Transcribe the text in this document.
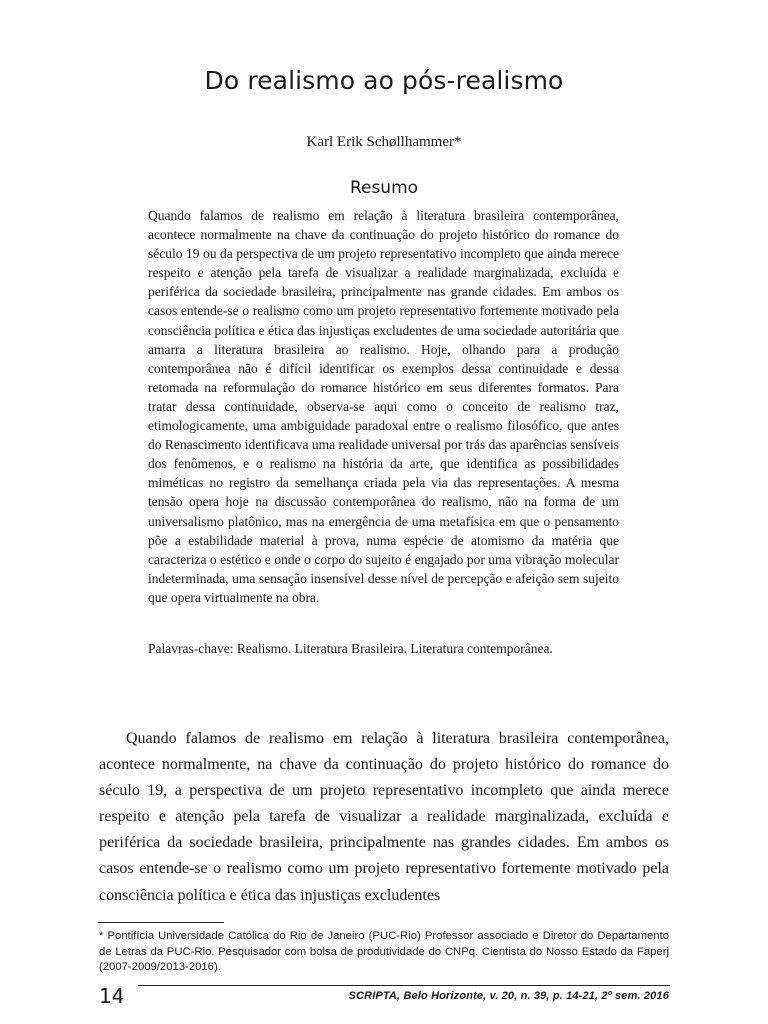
Do realismo ao pós-realismo
Karl Erik Schøllhammer*
Resumo

Quando falamos de realismo em relação à literatura brasileira contemporânea, acontece normalmente na chave da continuação do projeto histórico do romance do século 19 ou da perspectiva de um projeto representativo incompleto que ainda merece respeito e atenção pela tarefa de visualizar a realidade marginalizada, excluída e periférica da sociedade brasileira, principalmente nas grande cidades. Em ambos os casos entende-se o realismo como um projeto representativo fortemente motivado pela consciência política e ética das injustiças excludentes de uma sociedade autoritária que amarra a literatura brasileira ao realismo. Hoje, olhando para a produção contemporânea não é difícil identificar os exemplos dessa continuidade e dessa retomada na reformulação do romance histórico em seus diferentes formatos. Para tratar dessa continuidade, observa-se aqui como o conceito de realismo traz, etimologicamente, uma ambiguidade paradoxal entre o realismo filosófico, que antes do Renascimento identificava uma realidade universal por trás das aparências sensíveis dos fenômenos, e o realismo na história da arte, que identifica as possibilidades miméticas no registro da semelhança criada pela via das representações. A mesma tensão opera hoje na discussão contemporânea do realismo, não na forma de um universalismo platônico, mas na emergência de uma metafísica em que o pensamento põe a estabilidade material à prova, numa espécie de atomismo da matéria que caracteriza o estético e onde o corpo do sujeito é engajado por uma vibração molecular indeterminada, uma sensação insensível desse nível de percepção e afeição sem sujeito que opera virtualmente na obra.

Palavras-chave: Realismo. Literatura Brasileira. Literatura contemporânea.

Quando falamos de realismo em relação à literatura brasileira contemporânea, acontece normalmente, na chave da continuação do projeto histórico do romance do século 19, a perspectiva de um projeto representativo incompleto que ainda merece respeito e atenção pela tarefa de visualizar a realidade marginalizada, excluída e periférica da sociedade brasileira, principalmente nas grandes cidades. Em ambos os casos entende-se o realismo como um projeto representativo fortemente motivado pela consciência política e ética das injustiças excludentes

* Pontifícia Universidade Católica do Rio de Janeiro (PUC-Rio) Professor associado e Diretor do Departamento de Letras da PUC-Rio. Pesquisador com bolsa de produtividade do CNPq. Cientista do Nosso Estado da Faperj (2007-2009/2013-2016).

14	SCRIPTA, Belo Horizonte, v. 20, n. 39, p. 14-21, 2º sem. 2016
